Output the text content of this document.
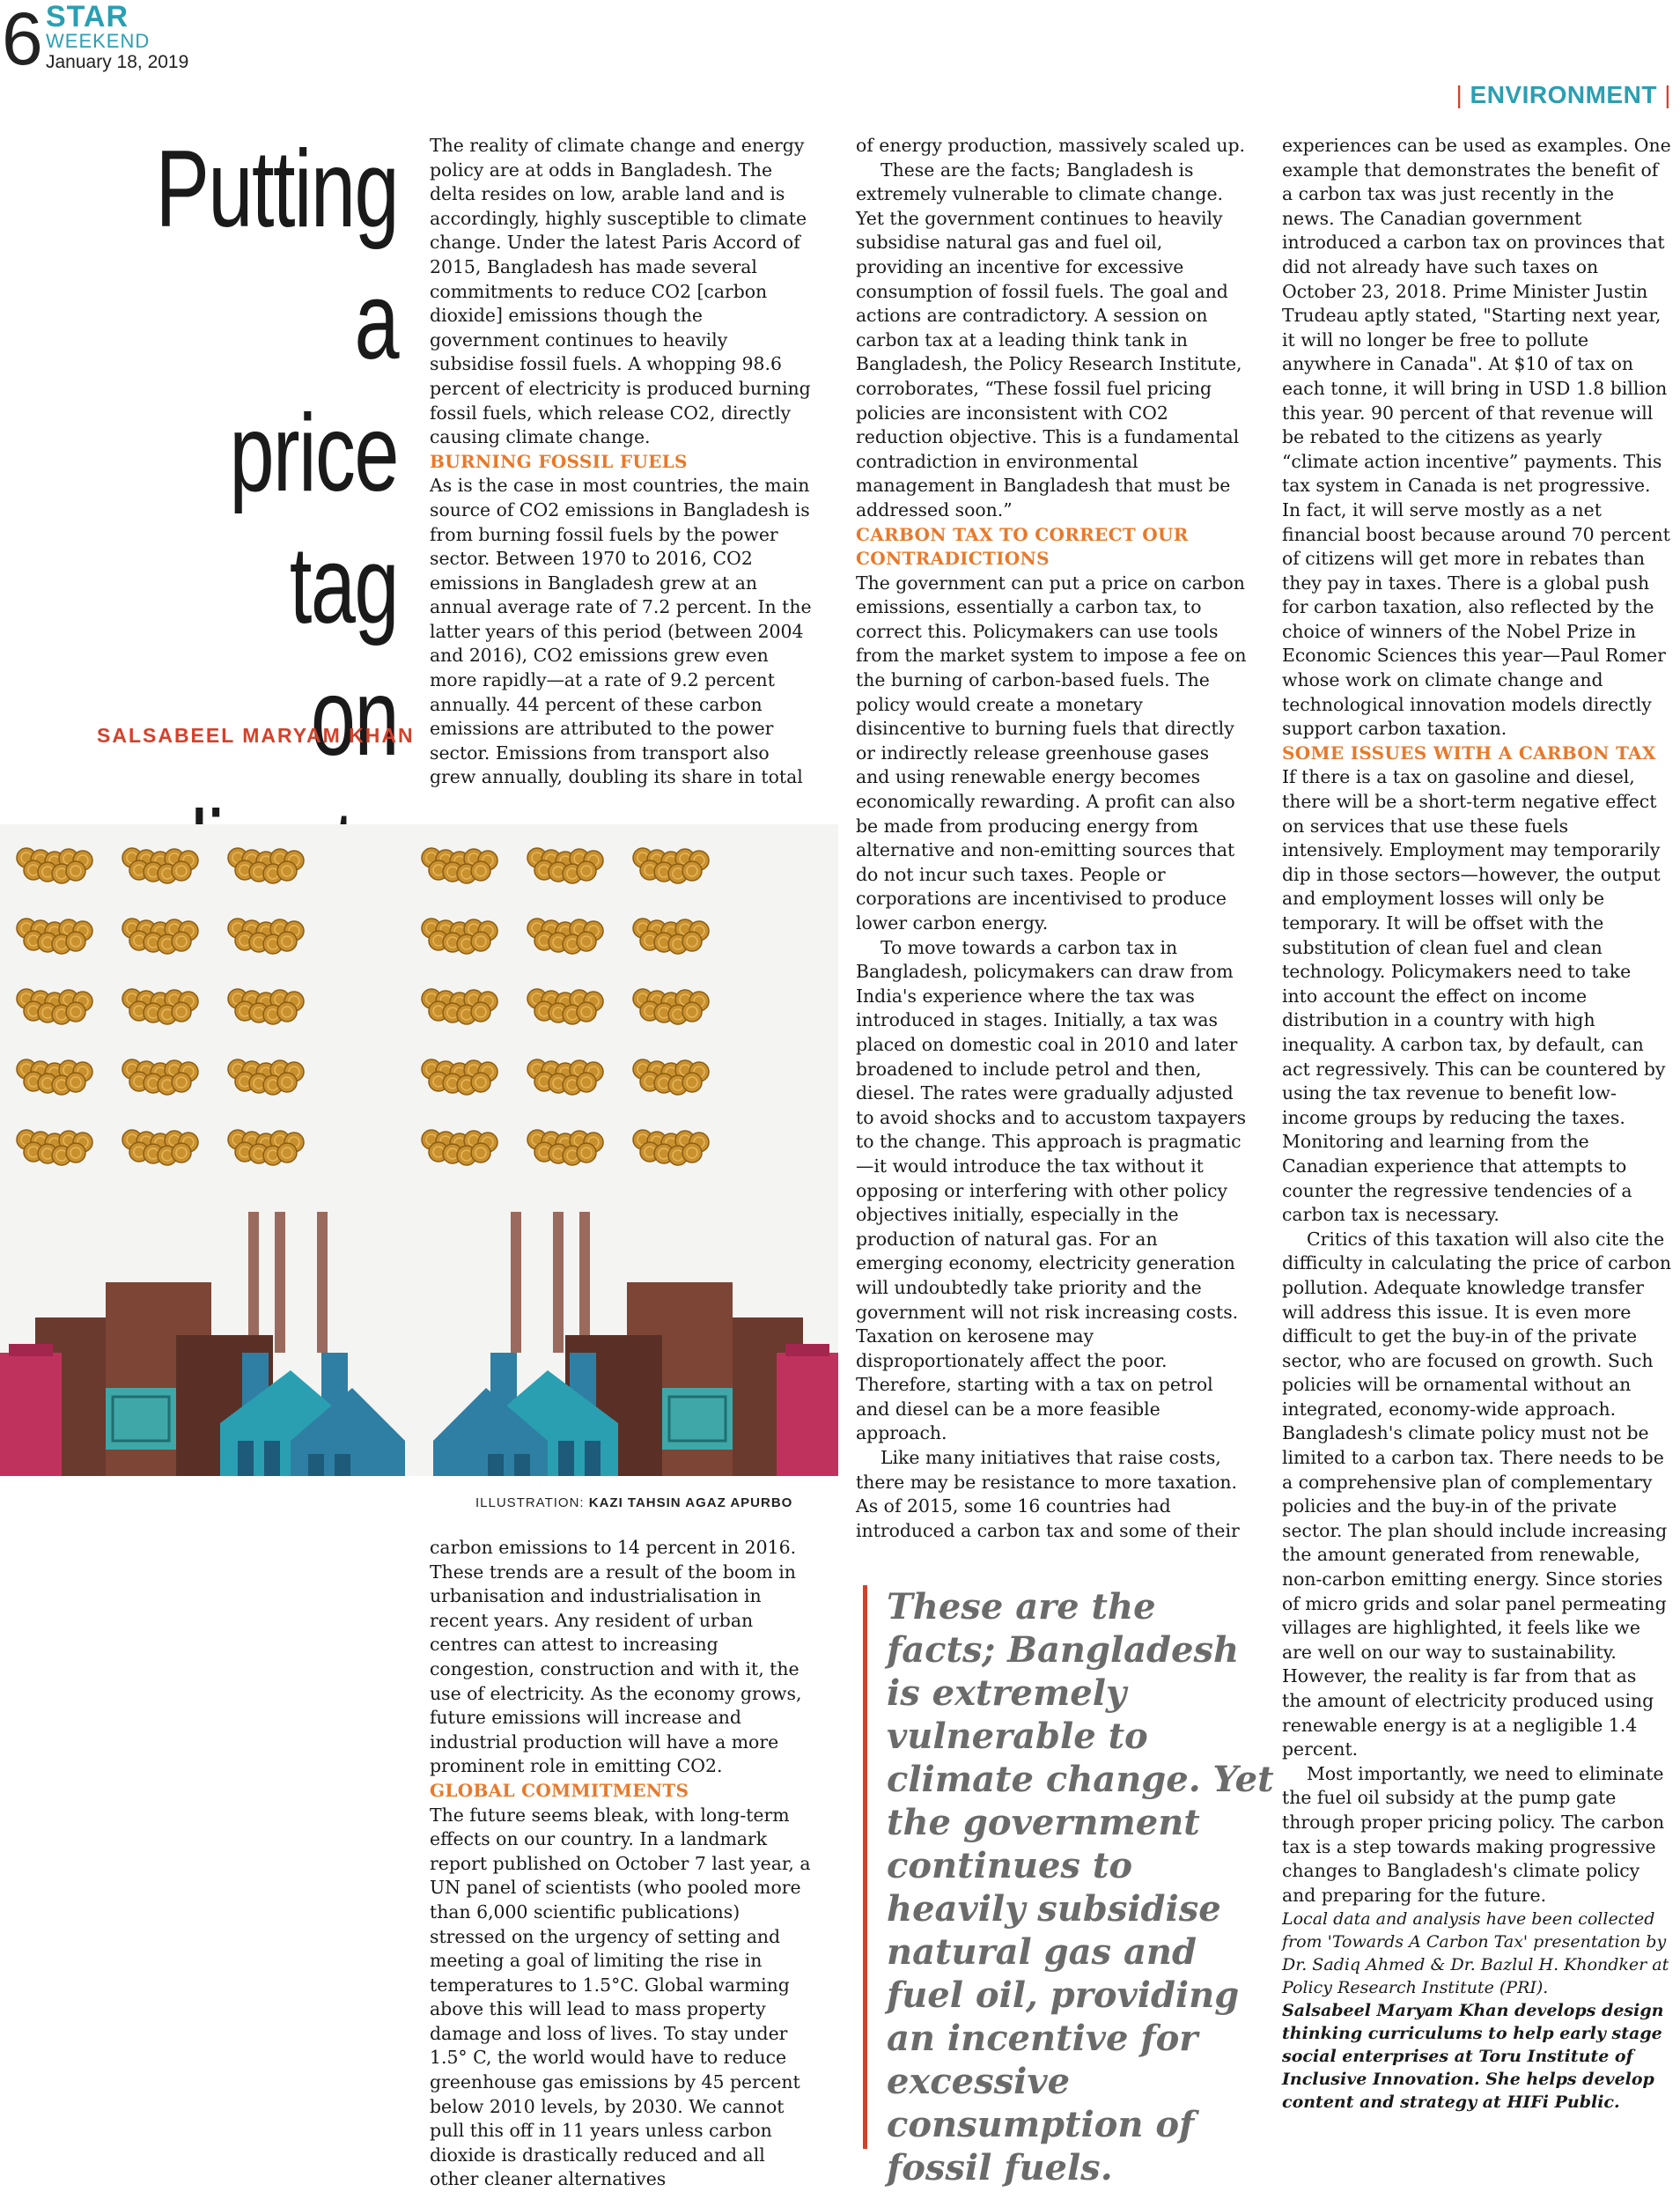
6 STAR
WEEKEND
January 18, 2019
| ENVIRONMENT |
Putting a
price tag
on
SALSABEEL MARYAM KHAN

The reality of climate change and energy policy are at odds in Bangladesh. The delta resides on low, arable land and is accordingly, highly susceptible to climate change. Under the latest Paris Accord of 2015, Bangladesh has made several commitments to reduce CO2 [carbon dioxide] emissions though the government continues to heavily subsidise fossil fuels. A whopping 98.6 percent of electricity is produced burning fossil fuels, which release CO2, directly causing climate change.

BURNING FOSSIL FUELS

As is the case in most countries, the main source of CO2 emissions in Bangladesh is from burning fossil fuels by the power sector. Between 1970 to 2016, CO2 emissions in Bangladesh grew at an annual average rate of 7.2 percent. In the latter years of this period (between 2004 and 2016), CO2 emissions grew even more rapidly—at a rate of 9.2 percent annually. 44 percent of these carbon emissions are attributed to the power sector. Emissions from transport also grew annually, doubling its share in total

carbon emissions to 14 percent in 2016. These trends are a result of the boom in urbanisation and industrialisation in recent years. Any resident of urban centres can attest to increasing congestion, construction and with it, the use of electricity. As the economy grows, future emissions will increase and industrial production will have a more prominent role in emitting CO2.

GLOBAL COMMITMENTS

The future seems bleak, with long-term effects on our country. In a landmark report published on October 7 last year, a UN panel of scientists (who pooled more than 6,000 scientific publications) stressed on the urgency of setting and meeting a goal of limiting the rise in temperatures to 1.5°C. Global warming above this will lead to mass property damage and loss of lives. To stay under 1.5° C, the world would have to reduce greenhouse gas emissions by 45 percent below 2010 levels, by 2030. We cannot pull this off in 11 years unless carbon dioxide is drastically reduced and all other cleaner alternatives

of energy production, massively scaled up.

These are the facts; Bangladesh is extremely vulnerable to climate change. Yet the government continues to heavily subsidise natural gas and fuel oil, providing an incentive for excessive consumption of fossil fuels. The goal and actions are contradictory. A session on carbon tax at a leading think tank in Bangladesh, the Policy Research Institute, corroborates, “These fossil fuel pricing policies are inconsistent with CO2 reduction objective. This is a fundamental contradiction in environmental management in Bangladesh that must be addressed soon.”

CARBON TAX TO CORRECT OUR CONTRADICTIONS

The government can put a price on carbon emissions, essentially a carbon tax, to correct this. Policymakers can use tools from the market system to impose a fee on the burning of carbon-based fuels. The policy would create a monetary disincentive to burning fuels that directly or indirectly release greenhouse gases and using renewable energy becomes economically rewarding. A profit can also be made from producing energy from alternative and non-emitting sources that do not incur such taxes. People or corporations are incentivised to produce lower carbon energy.

To move towards a carbon tax in Bangladesh, policymakers can draw from India's experience where the tax was introduced in stages. Initially, a tax was placed on domestic coal in 2010 and later broadened to include petrol and then, diesel. The rates were gradually adjusted to avoid shocks and to accustom taxpayers to the change. This approach is pragmatic—it would introduce the tax without it opposing or interfering with other policy objectives initially, especially in the production of natural gas. For an emerging economy, electricity generation will undoubtedly take priority and the government will not risk increasing costs. Taxation on kerosene may disproportionately affect the poor. Therefore, starting with a tax on petrol and diesel can be a more feasible approach.

Like many initiatives that raise costs, there may be resistance to more taxation. As of 2015, some 16 countries had introduced a carbon tax and some of their

experiences can be used as examples. One example that demonstrates the benefit of a carbon tax was just recently in the news. The Canadian government introduced a carbon tax on provinces that did not already have such taxes on October 23, 2018. Prime Minister Justin Trudeau aptly stated, "Starting next year, it will no longer be free to pollute anywhere in Canada". At $10 of tax on each tonne, it will bring in USD 1.8 billion this year. 90 percent of that revenue will be rebated to the citizens as yearly “climate action incentive” payments. This tax system in Canada is net progressive. In fact, it will serve mostly as a net financial boost because around 70 percent of citizens will get more in rebates than they pay in taxes. There is a global push for carbon taxation, also reflected by the choice of winners of the Nobel Prize in Economic Sciences this year—Paul Romer whose work on climate change and technological innovation models directly support carbon taxation.

SOME ISSUES WITH A CARBON TAX

If there is a tax on gasoline and diesel, there will be a short-term negative effect on services that use these fuels intensively. Employment may temporarily dip in those sectors—however, the output and employment losses will only be temporary. It will be offset with the substitution of clean fuel and clean technology. Policymakers need to take into account the effect on income distribution in a country with high inequality. A carbon tax, by default, can act regressively. This can be countered by using the tax revenue to benefit low-income groups by reducing the taxes. Monitoring and learning from the Canadian experience that attempts to counter the regressive tendencies of a carbon tax is necessary.

Critics of this taxation will also cite the difficulty in calculating the price of carbon pollution. Adequate knowledge transfer will address this issue. It is even more difficult to get the buy-in of the private sector, who are focused on growth. Such policies will be ornamental without an integrated, economy-wide approach. Bangladesh's climate policy must not be limited to a carbon tax. There needs to be a comprehensive plan of complementary policies and the buy-in of the private sector. The plan should include increasing the amount generated from renewable, non-carbon emitting energy. Since stories of micro grids and solar panel permeating villages are highlighted, it feels like we are well on our way to sustainability. However, the reality is far from that as the amount of electricity produced using renewable energy is at a negligible 1.4 percent.

Most importantly, we need to eliminate the fuel oil subsidy at the pump gate through proper pricing policy. The carbon tax is a step towards making progressive changes to Bangladesh's climate policy and preparing for the future.

Local data and analysis have been collected from 'Towards A Carbon Tax' presentation by Dr. Sadiq Ahmed & Dr. Bazlul H. Khondker at Policy Research Institute (PRI).

Salsabeel Maryam Khan develops design thinking curriculums to help early stage social enterprises at Toru Institute of Inclusive Innovation. She helps develop content and strategy at HIFi Public.

These are the facts; Bangladesh is extremely vulnerable to climate change. Yet the government continues to heavily subsidise natural gas and fuel oil, providing an incentive for excessive consumption of fossil fuels.
ILLUSTRATION: KAZI TAHSIN AGAZ APURBO
